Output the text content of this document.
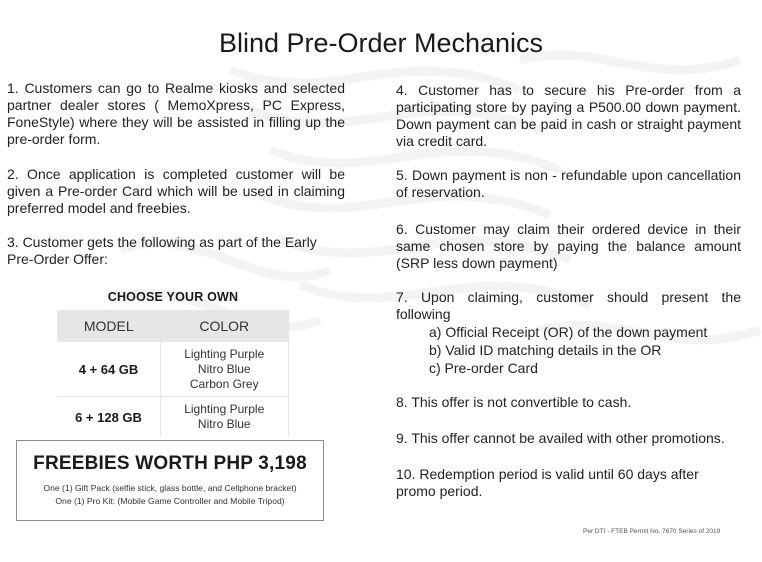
Blind Pre-Order Mechanics

1. Customers can go to Realme kiosks and selected partner dealer stores ( MemoXpress, PC Express, FoneStyle) where they will be assisted in filling up the pre-order form.

2. Once application is completed customer will be given a Pre-order Card which will be used in claiming preferred model and freebies.

3. Customer gets the following as part of the Early Pre-Order Offer:

CHOOSE YOUR OWN
MODEL	COLOR
4 + 64 GB	Lighting Purple
Nitro Blue
Carbon Grey

6 + 128 GB	Lighting Purple
Nitro Blue
FREEBIES WORTH PHP 3,198
One (1) Gift Pack (selfie stick, glass bottle, and Cellphone bracket)
One (1) Pro Kit: (Mobile Game Controller and Mobile Tripod)

4. Customer has to secure his Pre-order from a participating store by paying a P500.00 down payment. Down payment can be paid in cash or straight payment via credit card.

5. Down payment is non - refundable upon cancellation of reservation.

6. Customer may claim their ordered device in their same chosen store by paying the balance amount (SRP less down payment)

7. Upon claiming, customer should present the following

a) Official Receipt (OR) of the down payment
b) Valid ID matching details in the OR
c) Pre-order Card

8. This offer is not convertible to cash.

9. This offer cannot be availed with other promotions.

10. Redemption period is valid until 60 days after promo period.

Per DTI - FTEB Permit No. 7670 Series of 2019
